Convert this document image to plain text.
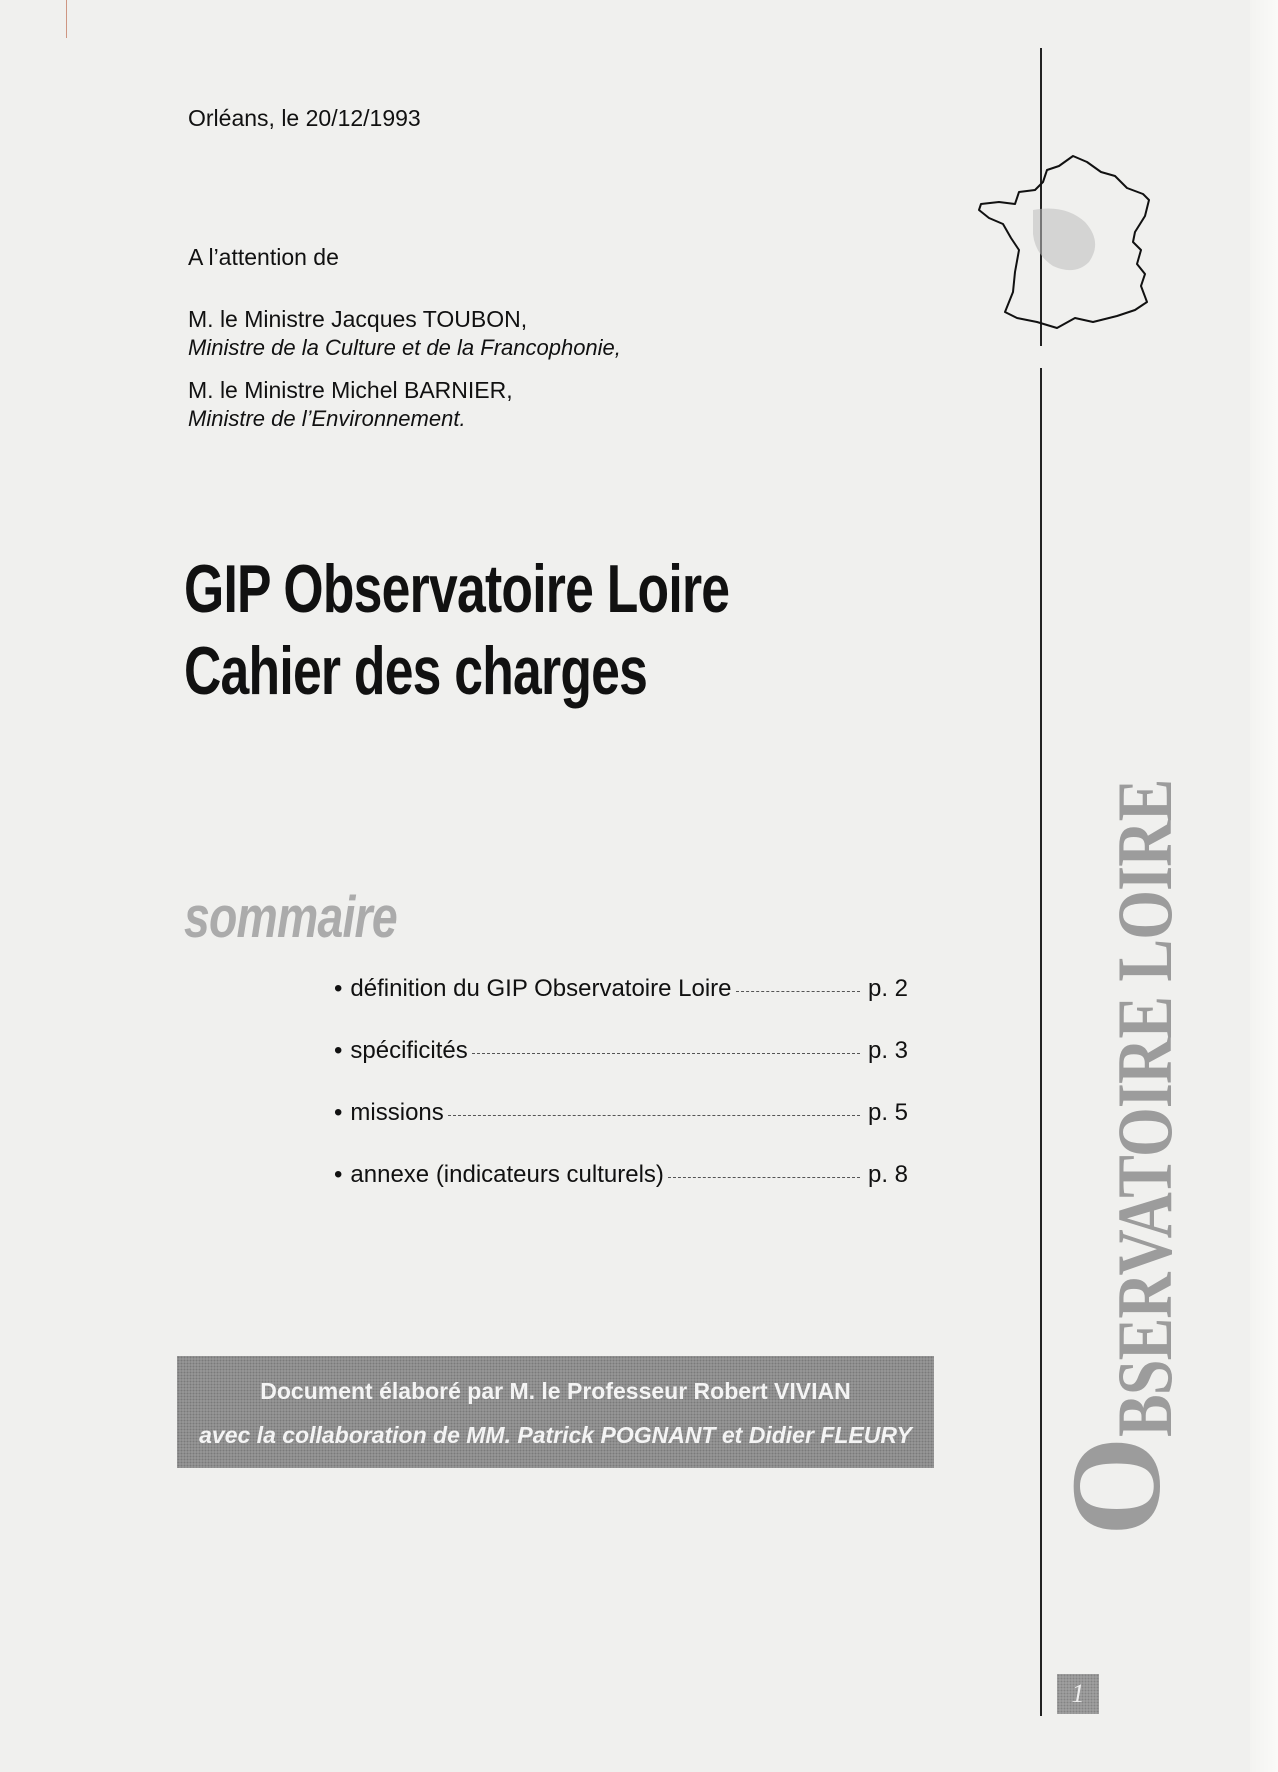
Orléans, le 20/12/1993
A l’attention de
M. le Ministre Jacques TOUBON,
Ministre de la Culture et de la Francophonie,
M. le Ministre Michel BARNIER,
Ministre de l’Environnement.
GIP Observatoire Loire
Cahier des charges
sommaire
• définition du GIP Observatoire Loire	p. 2
• spécificités	p. 3
• missions	p. 5
• annexe (indicateurs culturels)	p. 8
Document élaboré par M. le Professeur Robert VIVIAN
avec la collaboration de MM. Patrick POGNANT et Didier FLEURY
OBSERVATOIRE LOIRE
1
